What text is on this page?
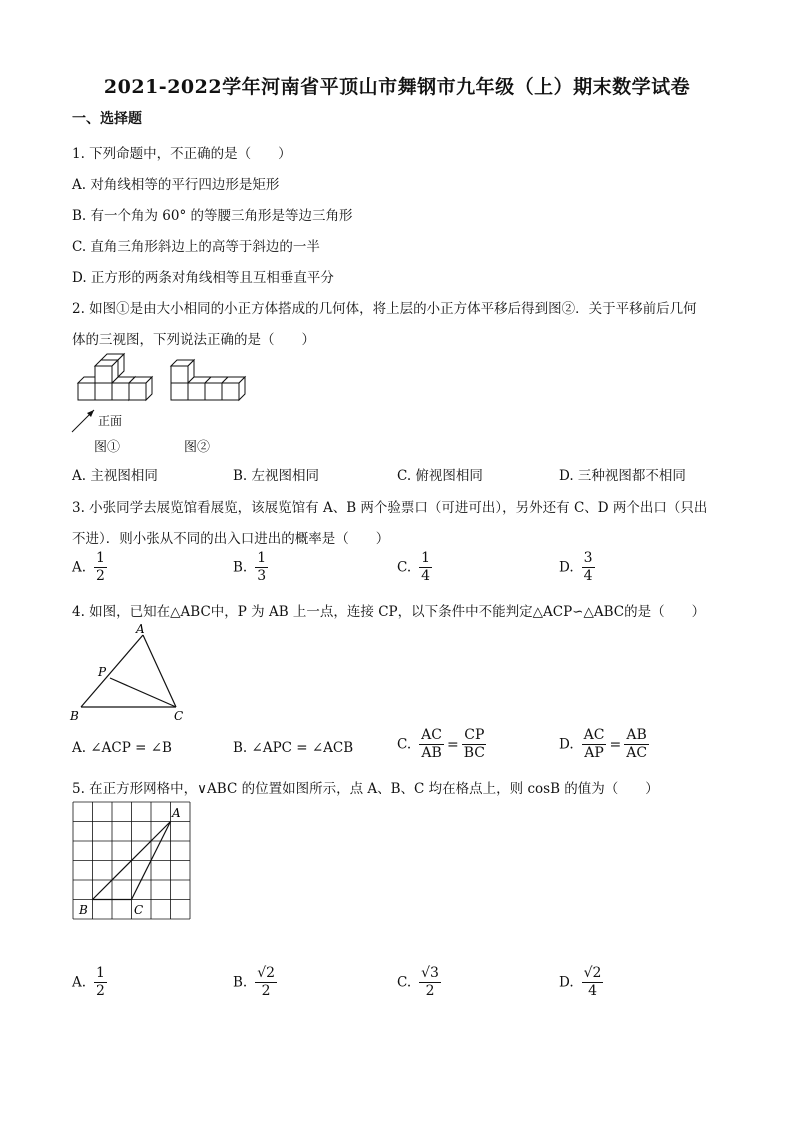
2021-2022学年河南省平顶山市舞钢市九年级（上）期末数学试卷
一、选择题
1. 下列命题中，不正确的是（　　）
A. 对角线相等的平行四边形是矩形
B. 有一个角为 60° 的等腰三角形是等边三角形
C. 直角三角形斜边上的高等于斜边的一半
D. 正方形的两条对角线相等且互相垂直平分
2. 如图①是由大小相同的小正方体搭成的几何体，将上层的小正方体平移后得到图②．关于平移前后几何
体的三视图，下列说法正确的是（　　）
正面
图①	图②
A. 主视图相同	B. 左视图相同	C. 俯视图相同	D. 三种视图都不相同
3. 小张同学去展览馆看展览，该展览馆有 A、B 两个验票口（可进可出），另外还有 C、D 两个出口（只出
不进）．则小张从不同的出入口进出的概率是（　　）
A. $\frac{1}{2}$	B. $\frac{1}{3}$	C. $\frac{1}{4}$	D. $\frac{3}{4}$
4. 如图，已知在△ABC中，P 为 AB 上一点，连接 CP，以下条件中不能判定△ACP∽△ABC的是（　　）
A
B	C
P
A. ∠ACP = ∠B	B. ∠APC = ∠ACB	C. $\frac{AC}{AB} = \frac{CP}{BC}$	D. $\frac{AC}{AP} = \frac{AB}{AC}$
5. 在正方形网格中，∨ABC 的位置如图所示，点 A、B、C 均在格点上，则 cosB 的值为（　　）
A
B	C
A. $\frac{1}{2}$	B. $\frac{√2}{2}$	C. $\frac{√3}{2}$	D. $\frac{√2}{4}$
